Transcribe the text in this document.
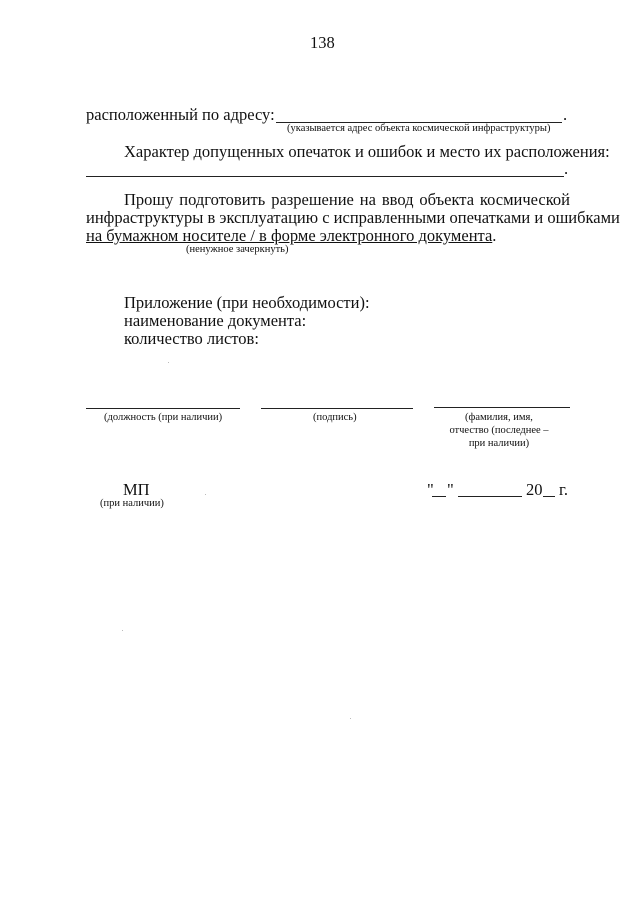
138
расположенный по адресу:	.
(указывается адрес объекта космической инфраструктуры)
Характер допущенных опечаток и ошибок и место их расположения:
.
Прошу подготовить разрешение на ввод объекта космической
инфраструктуры в эксплуатацию с исправленными опечатками и ошибками
на бумажном носителе / в форме электронного документа.
(ненужное зачеркнуть)
Приложение (при необходимости):
наименование документа:
количество листов:
(должность (при наличии)	(подпись)	(фамилия, имя,
отчество (последнее –
при наличии)
МП
(при наличии)
" "	20 г.
